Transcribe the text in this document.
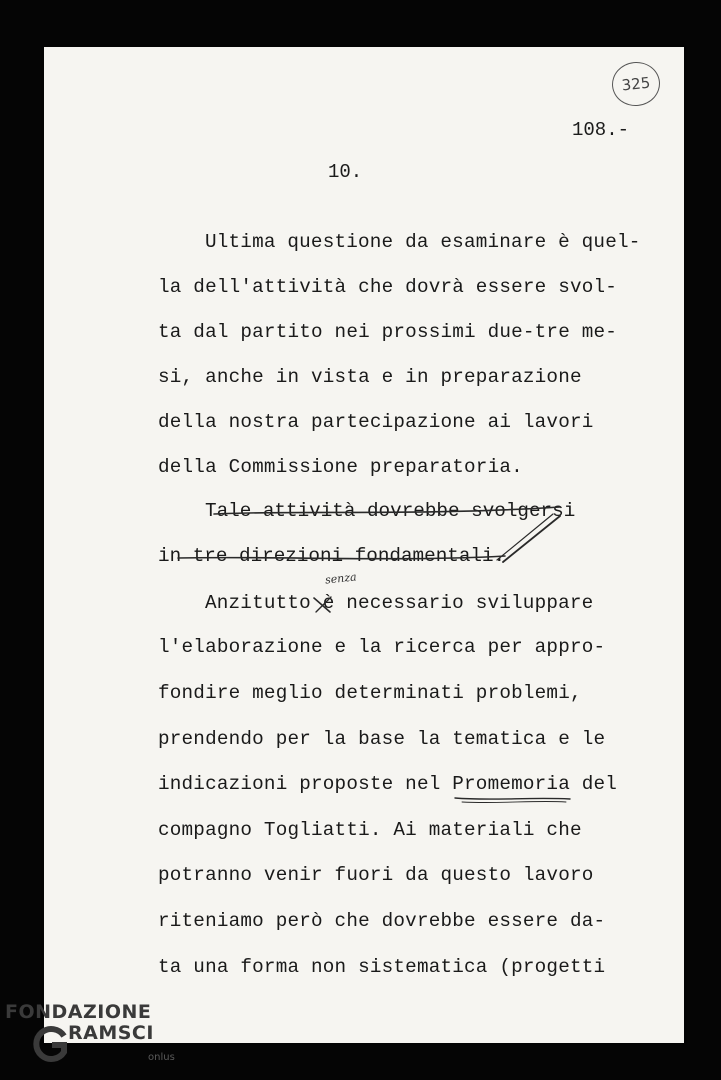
325
108.-
10.
Ultima questione da esaminare è quel-
la dell'attività che dovrà essere svol-
ta dal partito nei prossimi due-tre me-
si, anche in vista e in preparazione
della nostra partecipazione ai lavori
della Commissione preparatoria.
Tale attività dovrebbe svolgersi
in tre direzioni fondamentali.
Anzitutto è necessario sviluppare
l'elaborazione e la ricerca per appro-
fondire meglio determinati problemi,
prendendo per la base la tematica e le
indicazioni proposte nel Promemoria del
compagno Togliatti. Ai materiali che
potranno venir fuori da questo lavoro
riteniamo però che dovrebbe essere da-
ta una forma non sistematica (progetti
senza
FONDAZIONE
RAMSCI
onlus
